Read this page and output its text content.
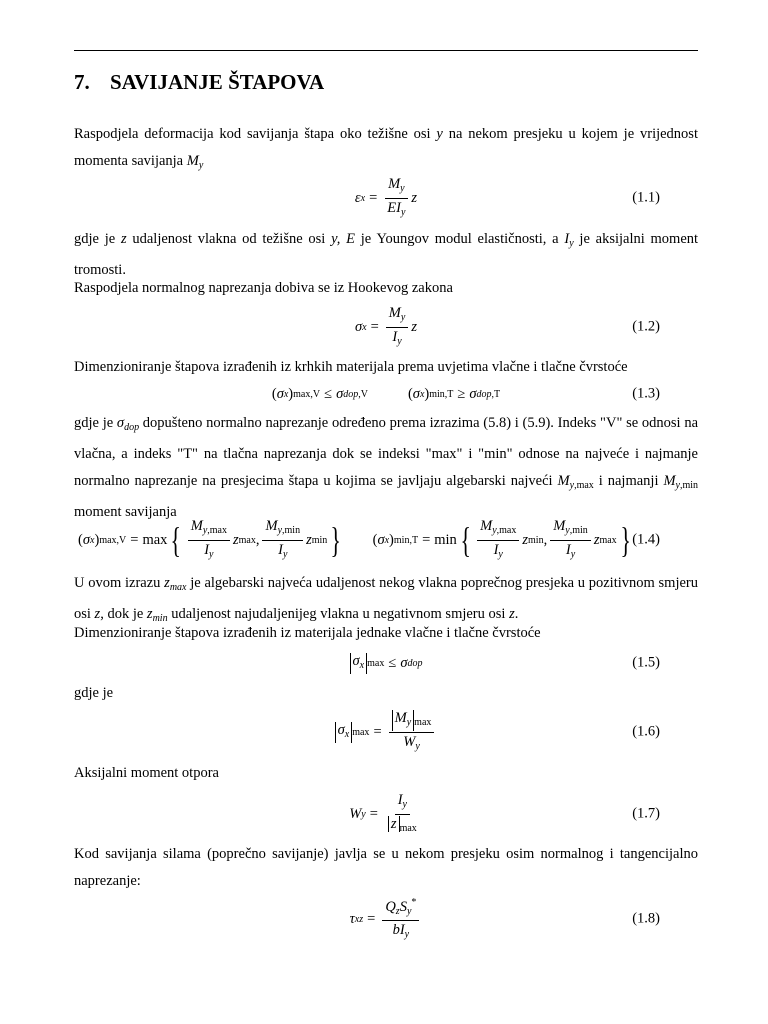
7. SAVIJANJE ŠTAPOVA
Raspodjela deformacija kod savijanja štapa oko težišne osi y na nekom presjeku u kojem je vrijednost momenta savijanja $M_y$
ε $x = \frac{M_y}{EI_y}$ z	(1.1)
gdje je z udaljenost vlakna od težišne osi y, E je Youngov modul elastičnosti, a $I_y$ je aksijalni moment tromosti.
Raspodjela normalnog naprezanja dobiva se iz Hookevog zakona
σ $x = \frac{M_y}{I_y}$ z	(1.2)
Dimenzioniranje štapova izrađenih iz krhkih materijala prema uvjetima vlačne i tlačne čvrstoće
( σ x ) max,V ≤ σ dop,V	( σ x ) min,T ≥ σ dop,T	(1.3)
gdje je $\sigma_{dop}$ dopušteno normalno naprezanje određeno prema izrazima (5.8) i (5.9). Indeks "V" se odnosi na vlačna, a indeks "T" na tlačna naprezanja dok se indeksi "max" i "min" odnose na najveće i najmanje normalno naprezanje na presjecima štapa u kojima se javljaju algebarski najveći $M_{y,max}$ i najmanji $M_{y,min}$ moment savijanja
( σ x ) max,V = max { $\frac{M_{y,max}}{I_y}$ z max , $\frac{M_{y,min}}{I_y}$ z min } ( σ x ) min,T = min { $\frac{M_{y,max}}{I_y}$ z min , $\frac{M_{y,min}}{I_y}$ z max } (1.4)
U ovom izrazu $z_{max}$ je algebarski najveća udaljenost nekog vlakna poprečnog presjeka u pozitivnom smjeru osi z, dok je $z_{min}$ udaljenost najudaljenijeg vlakna u negativnom smjeru osi z.
Dimenzioniranje štapova izrađenih iz materijala jednake vlačne i tlačne čvrstoće
$\sigma_x$ max ≤ σ dop	(1.5)
gdje je
$\sigma_x$ $\max = \frac{M_y _{max}}{W_y}$	(1.6)
Aksijalni moment otpora
W $y = \frac{I_y}{z _{max}}$	(1.7)
Kod savijanja silama (poprečno savijanje) javlja se u nekom presjeku osim normalnog i tangencijalno naprezanje:
τ xz = $\frac{Q_zS_y^*}{bI_y}$	(1.8)
